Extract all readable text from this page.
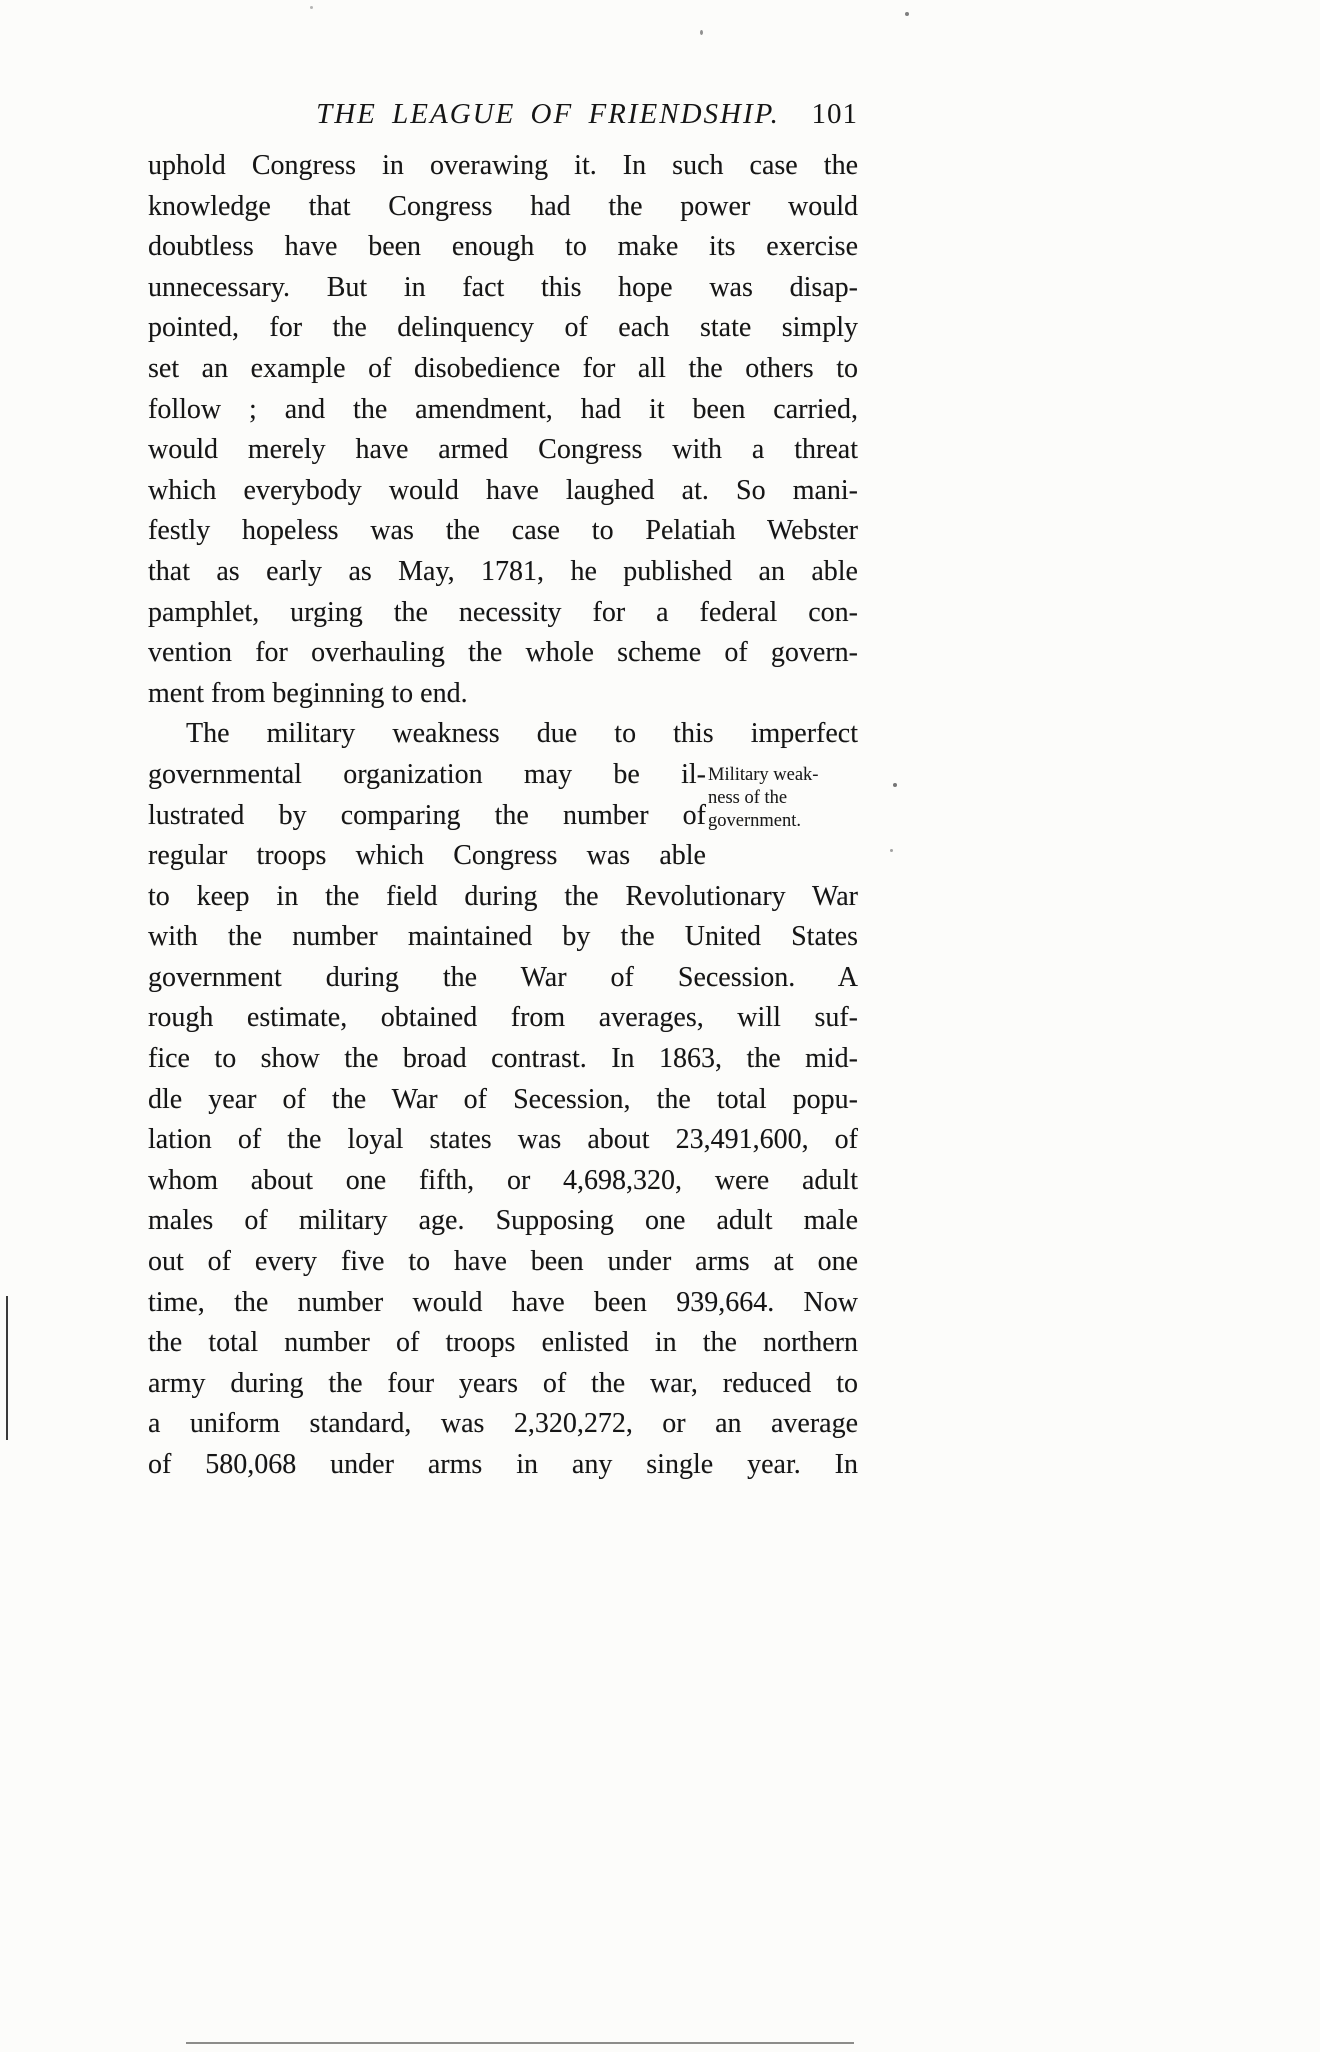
THE LEAGUE OF FRIENDSHIP.	101
uphold Congress in overawing it. In such case the
knowledge that Congress had the power would
doubtless have been enough to make its exercise
unnecessary. But in fact this hope was disap-
pointed, for the delinquency of each state simply
set an example of disobedience for all the others to
follow ; and the amendment, had it been carried,
would merely have armed Congress with a threat
which everybody would have laughed at. So mani-
festly hopeless was the case to Pelatiah Webster
that as early as May, 1781, he published an able
pamphlet, urging the necessity for a federal con-
vention for overhauling the whole scheme of govern-
ment from beginning to end.
The military weakness due to this imperfect
governmental organization may be il-
lustrated by comparing the number of
regular troops which Congress was able
to keep in the field during the Revolutionary War
with the number maintained by the United States
government during the War of Secession. A
rough estimate, obtained from averages, will suf-
fice to show the broad contrast. In 1863, the mid-
dle year of the War of Secession, the total popu-
lation of the loyal states was about 23,491,600, of
whom about one fifth, or 4,698,320, were adult
males of military age. Supposing one adult male
out of every five to have been under arms at one
time, the number would have been 939,664. Now
the total number of troops enlisted in the northern
army during the four years of the war, reduced to
a uniform standard, was 2,320,272, or an average
of 580,068 under arms in any single year. In
Military weak-
ness of the
government.
